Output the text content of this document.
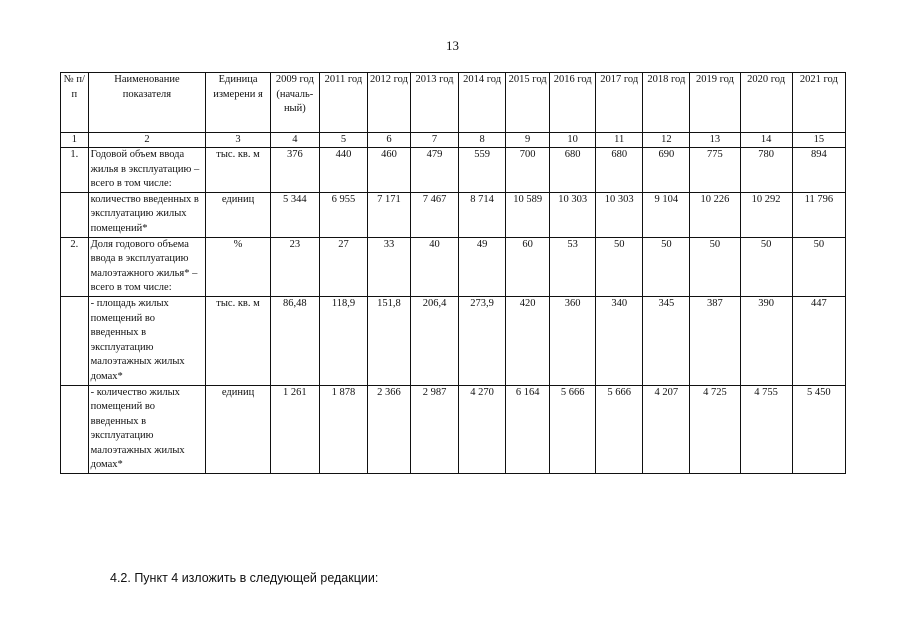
13
№ п/п	Наименование показателя	Единица измерени я	2009 год (началь- ный)	2011 год	2012 год	2013 год	2014 год	2015 год	2016 год	2017 год	2018 год	2019 год	2020 год	2021 год
1	2	3	4	5	6	7	8	9	10	11	12	13	14	15
1.	Годовой объем ввода жилья в эксплуатацию – всего в том числе:	тыс. кв. м	376	440	460	479	559	700	680	680	690	775	780	894
	количество введенных в эксплуатацию жилых помещений*	единиц	5 344	6 955	7 171	7 467	8 714	10 589	10 303	10 303	9 104	10 226	10 292	11 796
2.	Доля годового объема ввода в эксплуатацию малоэтажного жилья* – всего в том числе:	%	23	27	33	40	49	60	53	50	50	50	50	50
	- площадь жилых помещений во введенных в эксплуатацию малоэтажных жилых домах*	тыс. кв. м	86,48	118,9	151,8	206,4	273,9	420	360	340	345	387	390	447
	- количество жилых помещений во введенных в эксплуатацию малоэтажных жилых домах*	единиц	1 261	1 878	2 366	2 987	4 270	6 164	5 666	5 666	4 207	4 725	4 755	5 450
4.2. Пункт 4 изложить в следующей редакции:
